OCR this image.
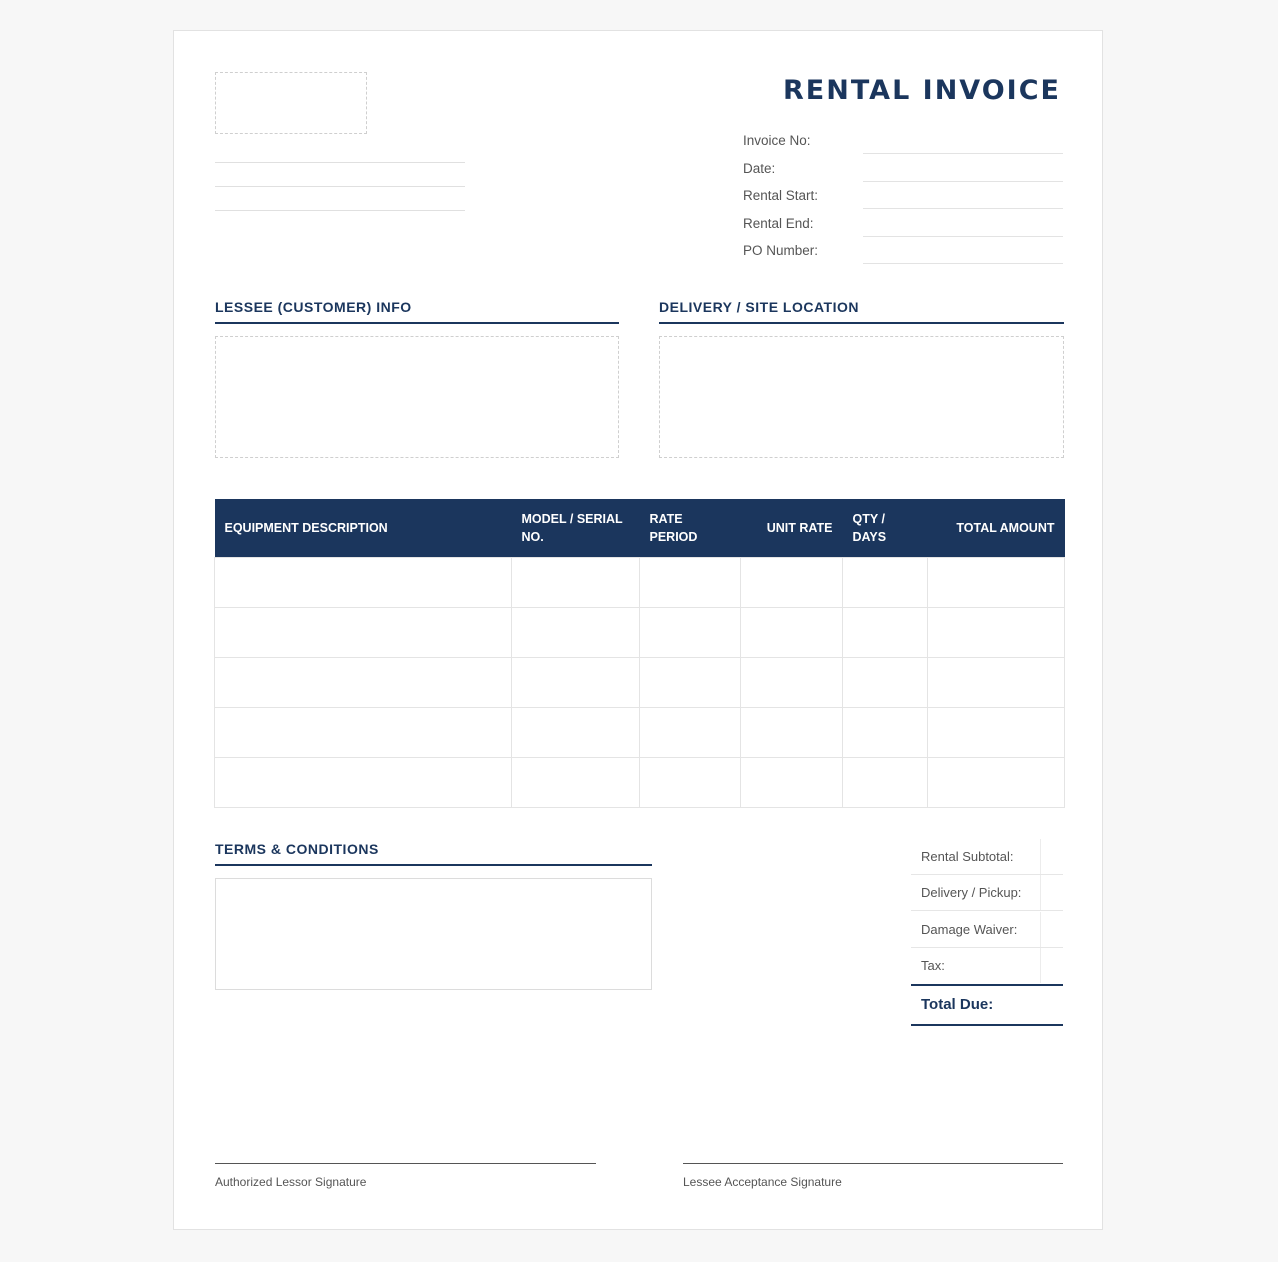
RENTAL INVOICE
Invoice No:
Date:
Rental Start:
Rental End:
PO Number:
LESSEE (CUSTOMER) INFO	DELIVERY / SITE LOCATION
EQUIPMENT DESCRIPTION	MODEL / SERIAL NO.	RATE PERIOD	UNIT RATE	QTY / DAYS	TOTAL AMOUNT

TERMS & CONDITIONS	Rental Subtotal:
Delivery / Pickup:
Damage Waiver:
Tax:
Total Due:
Authorized Lessor Signature	Lessee Acceptance Signature
